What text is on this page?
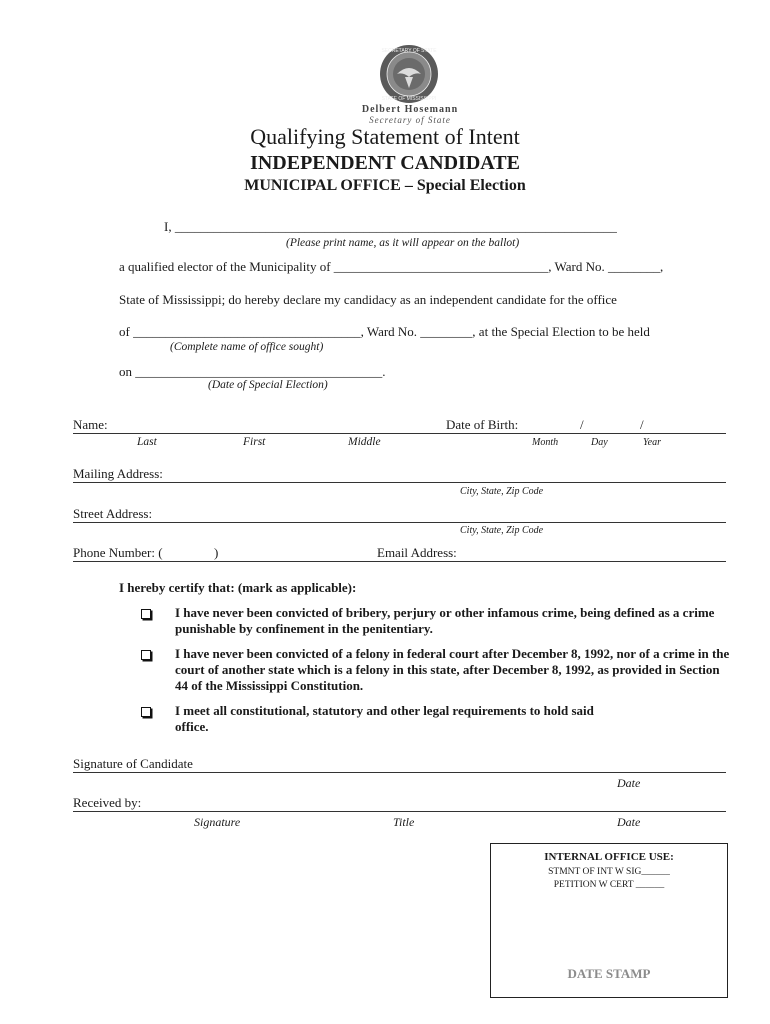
SECRETARY OF STATE
STATE OF MISSISSIPPI
Delbert Hosemann
Secretary of State
Qualifying Statement of Intent
INDEPENDENT CANDIDATE
MUNICIPAL OFFICE – Special Election
I, ____________________________________________________________________
(Please print name, as it will appear on the ballot)
a qualified elector of the Municipality of _________________________________, Ward No. ________,
State of Mississippi; do hereby declare my candidacy as an independent candidate for the office
of ___________________________________, Ward No. ________, at the Special Election to be held
(Complete name of office sought)
on ______________________________________.
(Date of Special Election)
Name:	Date of Birth:	/	/
Last	First	Middle	Month	Day	Year
Mailing Address:
City, State, Zip Code
Street Address:
City, State, Zip Code
Phone Number: (	)	Email Address:
I hereby certify that: (mark as applicable):
I have never been convicted of bribery, perjury or other infamous crime, being defined as a crime punishable by confinement in the penitentiary.
I have never been convicted of a felony in federal court after December 8, 1992, nor of a crime in the court of another state which is a felony in this state, after December 8, 1992, as provided in Section 44 of the Mississippi Constitution.
I meet all constitutional, statutory and other legal requirements to hold said office.
Signature of Candidate
Date
Received by:
Signature	Title	Date
INTERNAL OFFICE USE:
STMNT OF INT W SIG______
PETITION W CERT ______
DATE STAMP
